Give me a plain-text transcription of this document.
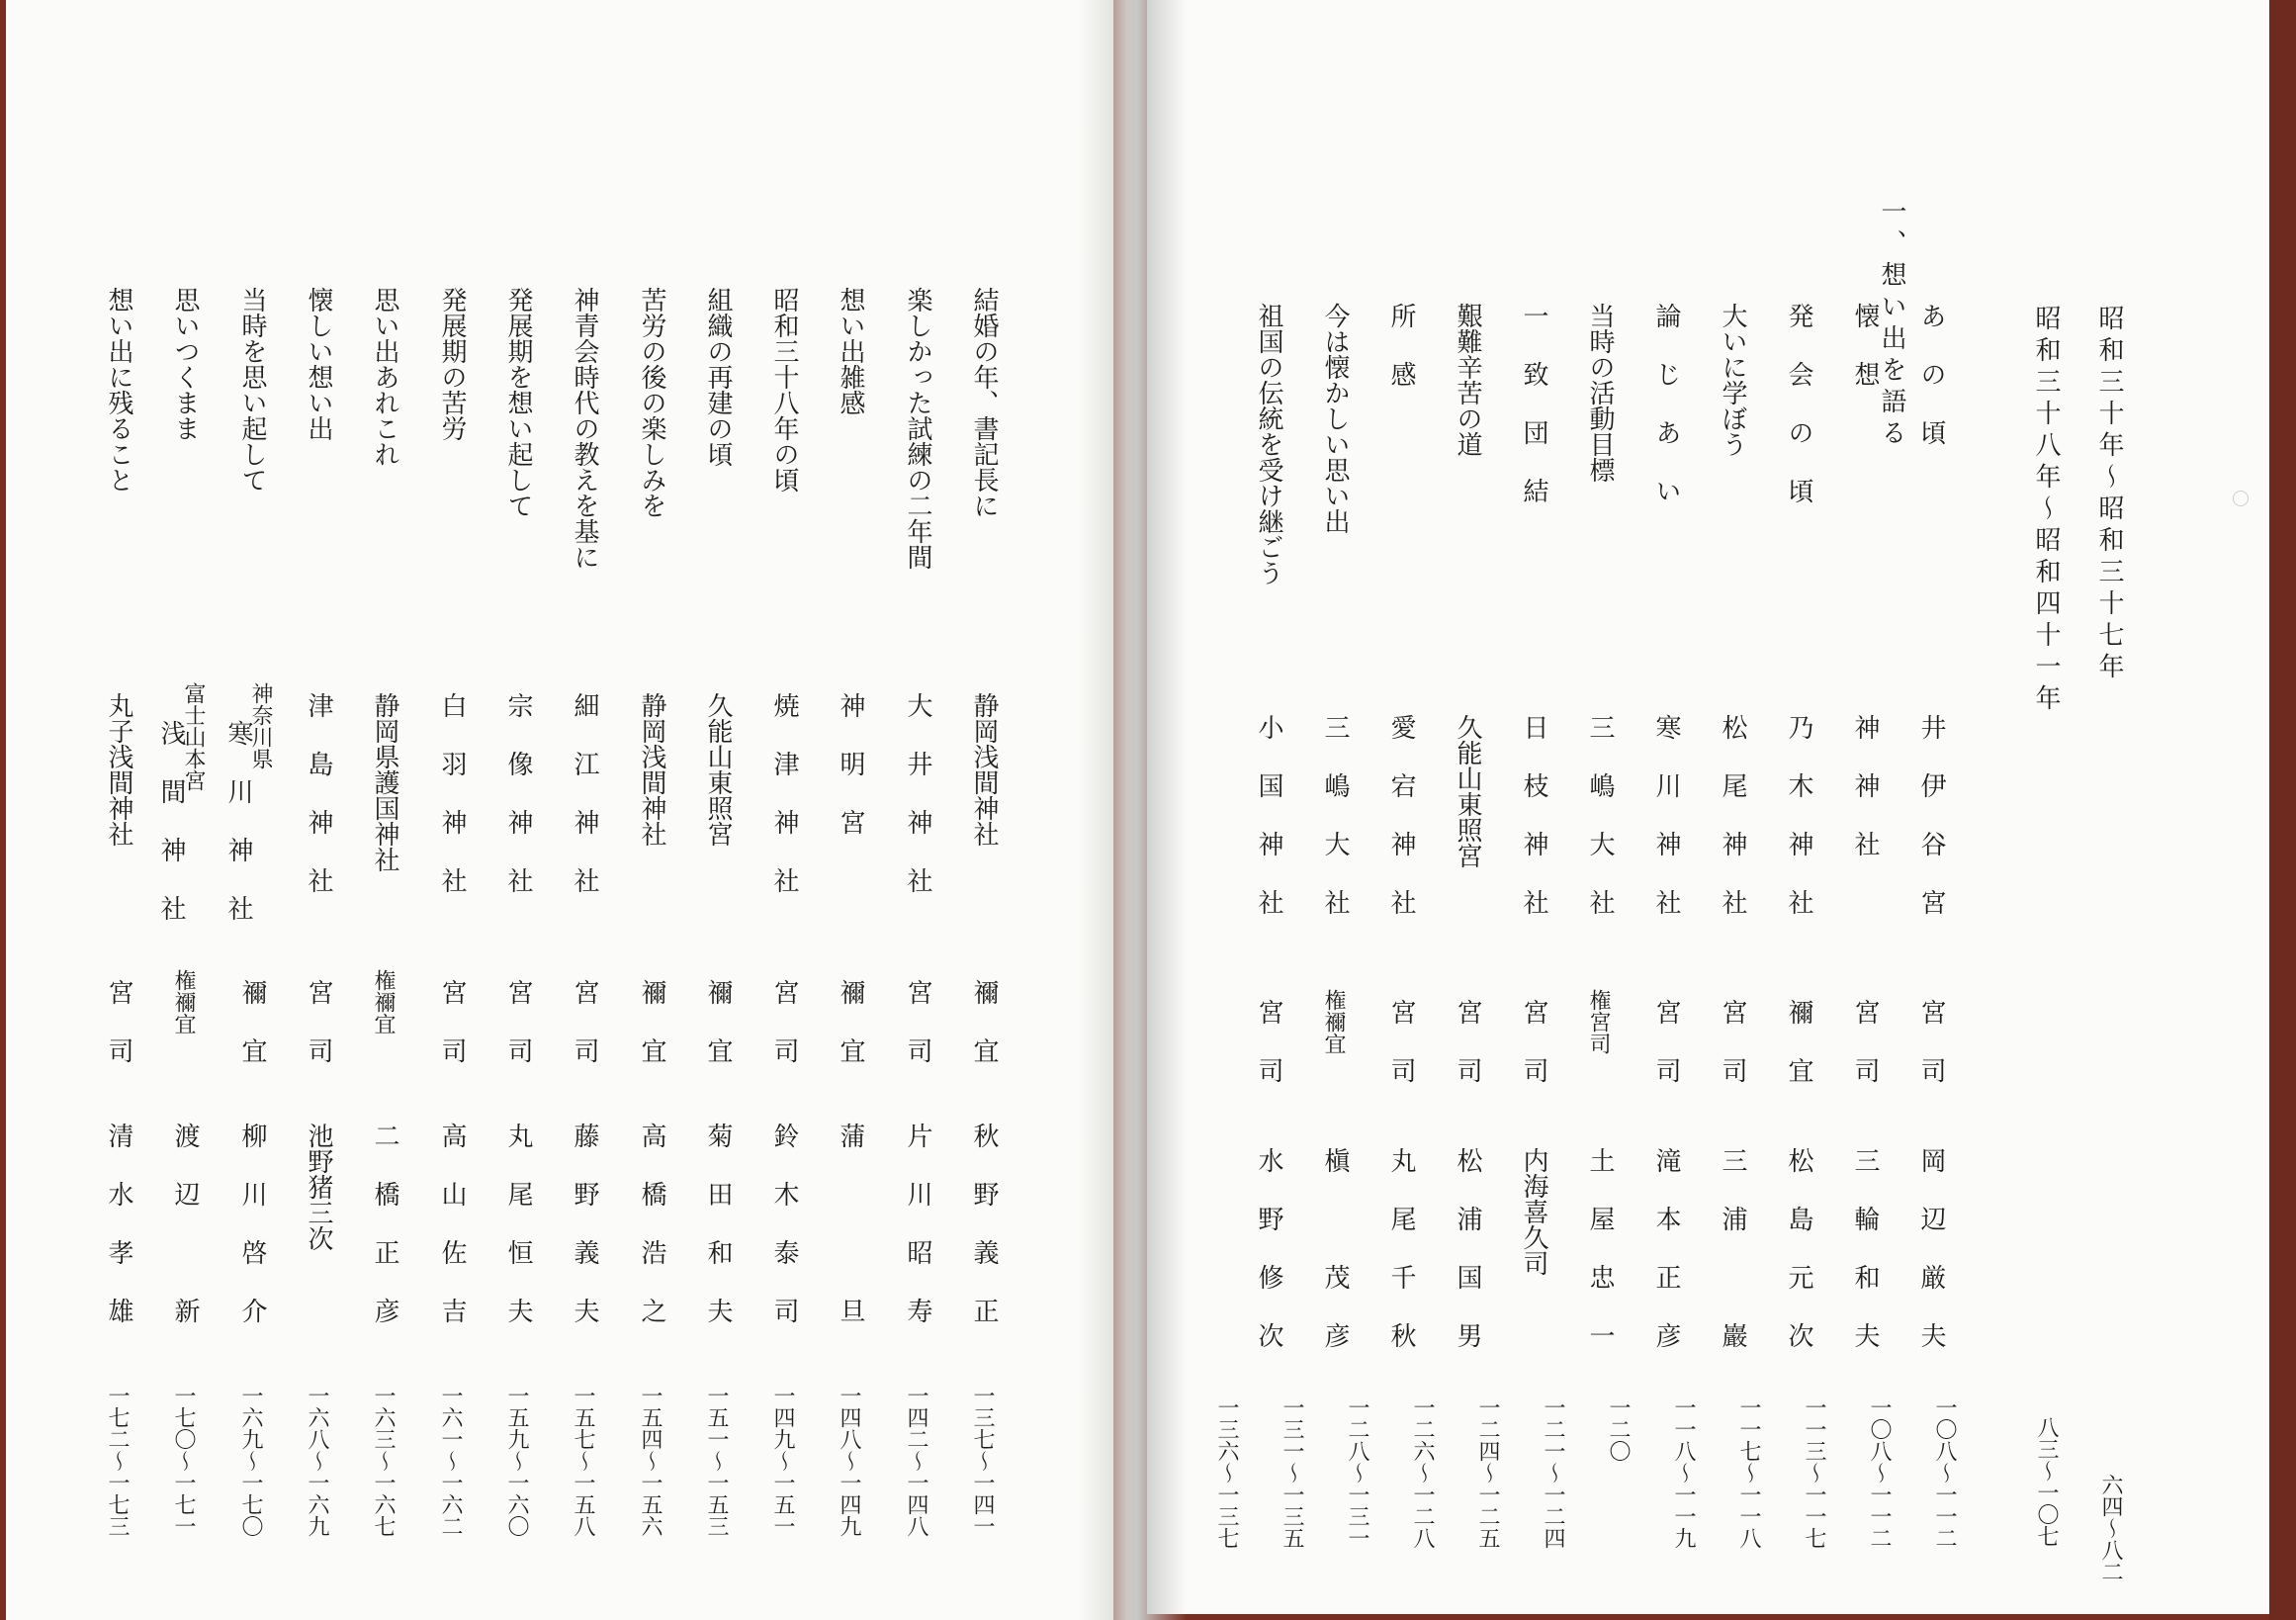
一、想い出を語る	昭和三十年〜昭和三十七年
六四〜八二
昭和三十八年〜昭和四十一年
八三〜一〇七
あの頃
懐想
発会の頃
大いに学ぼう
論じあい
当時の活動目標
一致団結
艱難辛苦の道
所感
今は懐かしい思い出
祖国の伝統を受け継ごう
井伊谷宮
神神社
乃木神社
松尾神社
寒川神社
三嶋大社
日枝神社
久能山東照宮
愛宕神社
三嶋大社
小国神社
宮司
宮司
禰宜
宮司
宮司
権宮司
宮司
宮司
宮司
権禰宜
宮司
岡辺厳夫
三輪和夫
松島元次
三浦　巖
滝本正彦
土屋忠一
内海喜久司
松浦国男
丸尾千秋
槇　茂彦
水野修次
一〇八〜一一二
一〇八〜一一二
一一三〜一一七
一一七〜一一八
一一八〜一一九
一二〇
一二一〜一二四
一二四〜一二五
一二六〜一二八
一二八〜一三一
一三一〜一三五
一三六〜一三七
結婚の年、書記長に
楽しかった試練の二年間
想い出雑感
昭和三十八年の頃
組織の再建の頃
苦労の後の楽しみを
神青会時代の教えを基に
発展期を想い起して
発展期の苦労
思い出あれこれ
懐しい想い出
当時を思い起して
思いつくまま
想い出に残ること
静岡浅間神社
大井神社
神明宮
焼津神社
久能山東照宮
静岡浅間神社
細江神社
宗像神社
白羽神社
静岡県護国神社
津島神社
神奈川県
寒川神社
富士山本宮
浅間神社
丸子浅間神社
禰宜
宮司
禰宜
宮司
禰宜
禰宜
宮司
宮司
宮司
権禰宜
宮司
禰宜
権禰宜
宮司
秋野義正
片川昭寿
蒲　　旦
鈴木泰司
菊田和夫
高橋浩之
藤野義夫
丸尾恒夫
高山佐吉
二橋正彦
池野猪三次
柳川啓介
渡辺　新
清水孝雄
一三七〜一四一
一四二〜一四八
一四八〜一四九
一四九〜一五一
一五一〜一五三
一五四〜一五六
一五七〜一五八
一五九〜一六〇
一六一〜一六二
一六三〜一六七
一六八〜一六九
一六九〜一七〇
一七〇〜一七一
一七二〜一七三
